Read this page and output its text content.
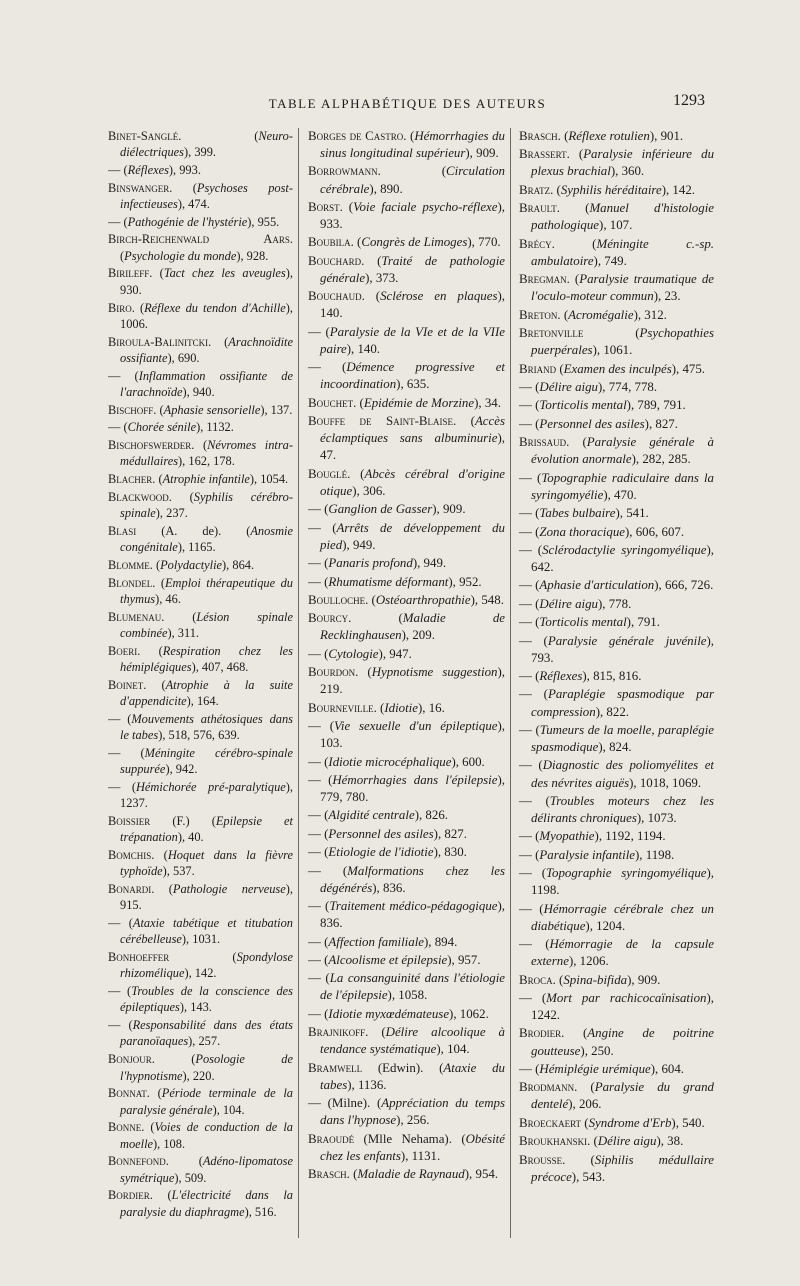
TABLE ALPHABÉTIQUE DES AUTEURS	1293
Binet-Sanglé. (Neuro-diélectriques), 399.
— (Réflexes), 993.
Binswanger. (Psychoses post-infectieuses), 474.
— (Pathogénie de l'hystérie), 955.
Birch-Reichenwald Aars. (Psychologie du monde), 928.
Birileff. (Tact chez les aveugles), 930.
Biro. (Réflexe du tendon d'Achille), 1006.
Biroula-Balinitcki. (Arachnoïdite ossifiante), 690.
— (Inflammation ossifiante de l'arachnoïde), 940.
Bischoff. (Aphasie sensorielle), 137.
— (Chorée sénile), 1132.
Bischofswerder. (Névromes intra-médullaires), 162, 178.
Blacher. (Atrophie infantile), 1054.
Blackwood. (Syphilis cérébro-spinale), 237.
Blasi (A. de). (Anosmie congénitale), 1165.
Blomme. (Polydactylie), 864.
Blondel. (Emploi thérapeutique du thymus), 46.
Blumenau. (Lésion spinale combinée), 311.
Boeri. (Respiration chez les hémiplégiques), 407, 468.
Boinet. (Atrophie à la suite d'appendicite), 164.
— (Mouvements athétosiques dans le tabes), 518, 576, 639.
— (Méningite cérébro-spinale suppurée), 942.
— (Hémichorée pré-paralytique), 1237.
Boissier (F.) (Epilepsie et trépanation), 40.
Bomchis. (Hoquet dans la fièvre typhoïde), 537.
Bonardi. (Pathologie nerveuse), 915.
— (Ataxie tabétique et titubation cérébelleuse), 1031.
Bonhoeffer (Spondylose rhizomélique), 142.
— (Troubles de la conscience des épileptiques), 143.
— (Responsabilité dans des états paranoïaques), 257.
Bonjour. (Posologie de l'hypnotisme), 220.
Bonnat. (Période terminale de la paralysie générale), 104.
Bonne. (Voies de conduction de la moelle), 108.
Bonnefond. (Adéno-lipomatose symétrique), 509.
Bordier. (L'électricité dans la paralysie du diaphragme), 516.
Borges de Castro. (Hémorrhagies du sinus longitudinal supérieur), 909.
Borrowmann. (Circulation cérébrale), 890.
Borst. (Voie faciale psycho-réflexe), 933.
Boubila. (Congrès de Limoges), 770.
Bouchard. (Traité de pathologie générale), 373.
Bouchaud. (Sclérose en plaques), 140.
— (Paralysie de la VIe et de la VIIe paire), 140.
— (Démence progressive et incoordination), 635.
Bouchet. (Epidémie de Morzine), 34.
Bouffe de Saint-Blaise. (Accès éclamptiques sans albuminurie), 47.
Bouglé. (Abcès cérébral d'origine otique), 306.
— (Ganglion de Gasser), 909.
— (Arrêts de développement du pied), 949.
— (Panaris profond), 949.
— (Rhumatisme déformant), 952.
Boulloche. (Ostéoarthropathie), 548.
Bourcy. (Maladie de Recklinghausen), 209.
— (Cytologie), 947.
Bourdon. (Hypnotisme suggestion), 219.
Bourneville. (Idiotie), 16.
— (Vie sexuelle d'un épileptique), 103.
— (Idiotie microcéphalique), 600.
— (Hémorrhagies dans l'épilepsie), 779, 780.
— (Algidité centrale), 826.
— (Personnel des asiles), 827.
— (Etiologie de l'idiotie), 830.
— (Malformations chez les dégénérés), 836.
— (Traitement médico-pédagogique), 836.
— (Affection familiale), 894.
— (Alcoolisme et épilepsie), 957.
— (La consanguinité dans l'étiologie de l'épilepsie), 1058.
— (Idiotie myxœdémateuse), 1062.
Brajnikoff. (Délire alcoolique à tendance systématique), 104.
Bramwell (Edwin). (Ataxie du tabes), 1136.
— (Milne). (Appréciation du temps dans l'hypnose), 256.
Braoudé (Mlle Nehama). (Obésité chez les enfants), 1131.
Brasch. (Maladie de Raynaud), 954.
Brasch. (Réflexe rotulien), 901.
Brassert. (Paralysie inférieure du plexus brachial), 360.
Bratz. (Syphilis héréditaire), 142.
Brault. (Manuel d'histologie pathologique), 107.
Brécy. (Méningite c.-sp. ambulatoire), 749.
Bregman. (Paralysie traumatique de l'oculo-moteur commun), 23.
Breton. (Acromégalie), 312.
Bretonville (Psychopathies puerpérales), 1061.
Briand (Examen des inculpés), 475.
— (Délire aigu), 774, 778.
— (Torticolis mental), 789, 791.
— (Personnel des asiles), 827.
Brissaud. (Paralysie générale à évolution anormale), 282, 285.
— (Topographie radiculaire dans la syringomyélie), 470.
— (Tabes bulbaire), 541.
— (Zona thoracique), 606, 607.
— (Sclérodactylie syringomyélique), 642.
— (Aphasie d'articulation), 666, 726.
— (Délire aigu), 778.
— (Torticolis mental), 791.
— (Paralysie générale juvénile), 793.
— (Réflexes), 815, 816.
— (Paraplégie spasmodique par compression), 822.
— (Tumeurs de la moelle, paraplégie spasmodique), 824.
— (Diagnostic des poliomyélites et des névrites aiguës), 1018, 1069.
— (Troubles moteurs chez les délirants chroniques), 1073.
— (Myopathie), 1192, 1194.
— (Paralysie infantile), 1198.
— (Topographie syringomyélique), 1198.
— (Hémorragie cérébrale chez un diabétique), 1204.
— (Hémorragie de la capsule externe), 1206.
Broca. (Spina-bifida), 909.
— (Mort par rachicocaïnisation), 1242.
Brodier. (Angine de poitrine goutteuse), 250.
— (Hémiplégie urémique), 604.
Brodmann. (Paralysie du grand dentelé), 206.
Broeckaert (Syndrome d'Erb), 540.
Broukhanski. (Délire aigu), 38.
Brousse. (Siphilis médullaire précoce), 543.
